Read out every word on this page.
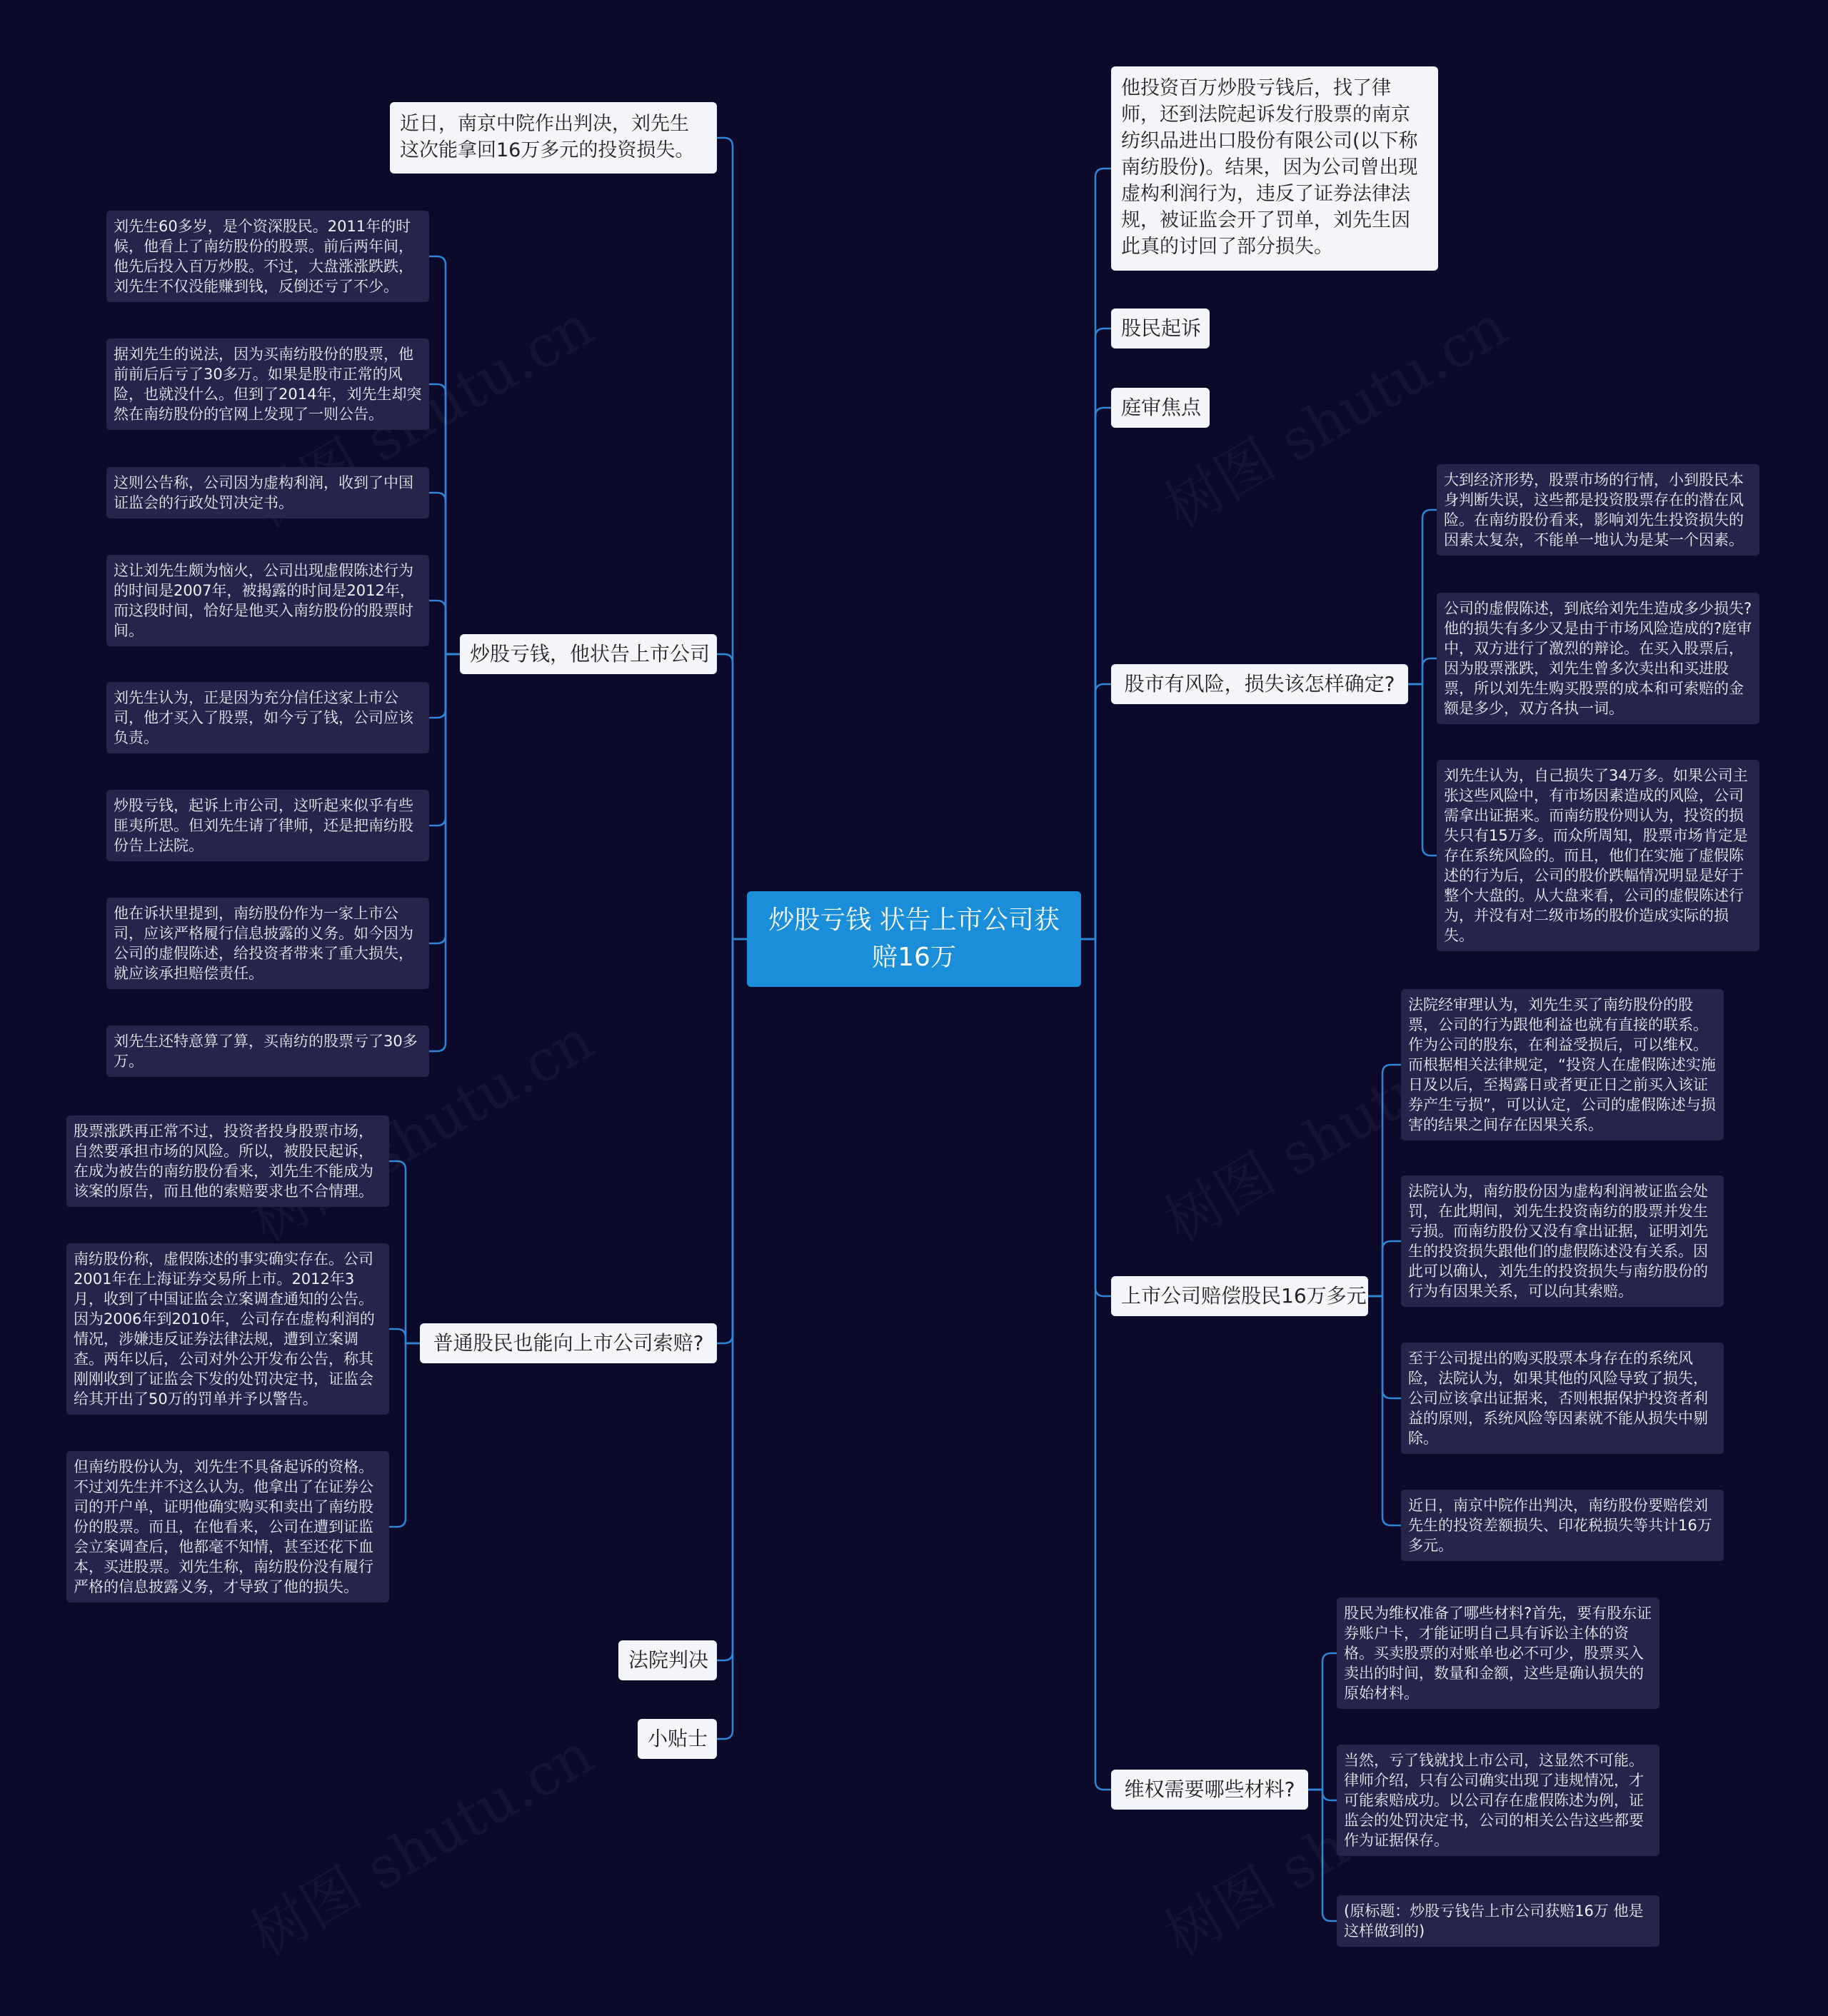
炒股亏钱 状告上市公司获赔16万
近日，南京中院作出判决，刘先生这次能拿回16万多元的投资损失。
炒股亏钱，他状告上市公司
刘先生60多岁，是个资深股民。2011年的时候，他看上了南纺股份的股票。前后两年间，他先后投入百万炒股。不过，大盘涨涨跌跌，刘先生不仅没能赚到钱，反倒还亏了不少。
据刘先生的说法，因为买南纺股份的股票，他前前后后亏了30多万。如果是股市正常的风险，也就没什么。但到了2014年，刘先生却突然在南纺股份的官网上发现了一则公告。
这则公告称，公司因为虚构利润，收到了中国证监会的行政处罚决定书。
这让刘先生颇为恼火，公司出现虚假陈述行为的时间是2007年，被揭露的时间是2012年，而这段时间，恰好是他买入南纺股份的股票时间。
刘先生认为，正是因为充分信任这家上市公司，他才买入了股票，如今亏了钱，公司应该负责。
炒股亏钱，起诉上市公司，这听起来似乎有些匪夷所思。但刘先生请了律师，还是把南纺股份告上法院。
他在诉状里提到，南纺股份作为一家上市公司，应该严格履行信息披露的义务。如今因为公司的虚假陈述，给投资者带来了重大损失，就应该承担赔偿责任。
刘先生还特意算了算，买南纺的股票亏了30多万。
普通股民也能向上市公司索赔?
股票涨跌再正常不过，投资者投身股票市场，自然要承担市场的风险。所以，被股民起诉，在成为被告的南纺股份看来，刘先生不能成为该案的原告，而且他的索赔要求也不合情理。
南纺股份称，虚假陈述的事实确实存在。公司2001年在上海证券交易所上市。2012年3月，收到了中国证监会立案调查通知的公告。因为2006年到2010年，公司存在虚构利润的情况，涉嫌违反证券法律法规，遭到立案调查。两年以后，公司对外公开发布公告，称其刚刚收到了证监会下发的处罚决定书，证监会给其开出了50万的罚单并予以警告。
但南纺股份认为，刘先生不具备起诉的资格。不过刘先生并不这么认为。他拿出了在证券公司的开户单，证明他确实购买和卖出了南纺股份的股票。而且，在他看来，公司在遭到证监会立案调查后，他都毫不知情，甚至还花下血本，买进股票。刘先生称，南纺股份没有履行严格的信息披露义务，才导致了他的损失。
法院判决
小贴士
他投资百万炒股亏钱后，找了律师，还到法院起诉发行股票的南京纺织品进出口股份有限公司(以下称南纺股份)。结果，因为公司曾出现虚构利润行为，违反了证券法律法规，被证监会开了罚单，刘先生因此真的讨回了部分损失。
股民起诉
庭审焦点
股市有风险，损失该怎样确定?
大到经济形势，股票市场的行情，小到股民本身判断失误，这些都是投资股票存在的潜在风险。在南纺股份看来，影响刘先生投资损失的因素太复杂，不能单一地认为是某一个因素。
公司的虚假陈述，到底给刘先生造成多少损失?他的损失有多少又是由于市场风险造成的?庭审中，双方进行了激烈的辩论。在买入股票后，因为股票涨跌，刘先生曾多次卖出和买进股票，所以刘先生购买股票的成本和可索赔的金额是多少，双方各执一词。
刘先生认为，自己损失了34万多。如果公司主张这些风险中，有市场因素造成的风险，公司需拿出证据来。而南纺股份则认为，投资的损失只有15万多。而众所周知，股票市场肯定是存在系统风险的。而且，他们在实施了虚假陈述的行为后，公司的股价跌幅情况明显是好于整个大盘的。从大盘来看，公司的虚假陈述行为，并没有对二级市场的股价造成实际的损失。
上市公司赔偿股民16万多元
法院经审理认为，刘先生买了南纺股份的股票，公司的行为跟他利益也就有直接的联系。作为公司的股东，在利益受损后，可以维权。而根据相关法律规定，“投资人在虚假陈述实施日及以后，至揭露日或者更正日之前买入该证券产生亏损”，可以认定，公司的虚假陈述与损害的结果之间存在因果关系。
法院认为，南纺股份因为虚构利润被证监会处罚，在此期间，刘先生投资南纺的股票并发生亏损。而南纺股份又没有拿出证据，证明刘先生的投资损失跟他们的虚假陈述没有关系。因此可以确认，刘先生的投资损失与南纺股份的行为有因果关系，可以向其索赔。
至于公司提出的购买股票本身存在的系统风险，法院认为，如果其他的风险导致了损失，公司应该拿出证据来，否则根据保护投资者利益的原则，系统风险等因素就不能从损失中剔除。
近日，南京中院作出判决，南纺股份要赔偿刘先生的投资差额损失、印花税损失等共计16万多元。
维权需要哪些材料?
股民为维权准备了哪些材料?首先，要有股东证券账户卡，才能证明自己具有诉讼主体的资格。买卖股票的对账单也必不可少，股票买入卖出的时间，数量和金额，这些是确认损失的原始材料。
当然，亏了钱就找上市公司，这显然不可能。律师介绍，只有公司确实出现了违规情况，才可能索赔成功。以公司存在虚假陈述为例，证监会的处罚决定书，公司的相关公告这些都要作为证据保存。
(原标题：炒股亏钱告上市公司获赔16万 他是这样做到的)
